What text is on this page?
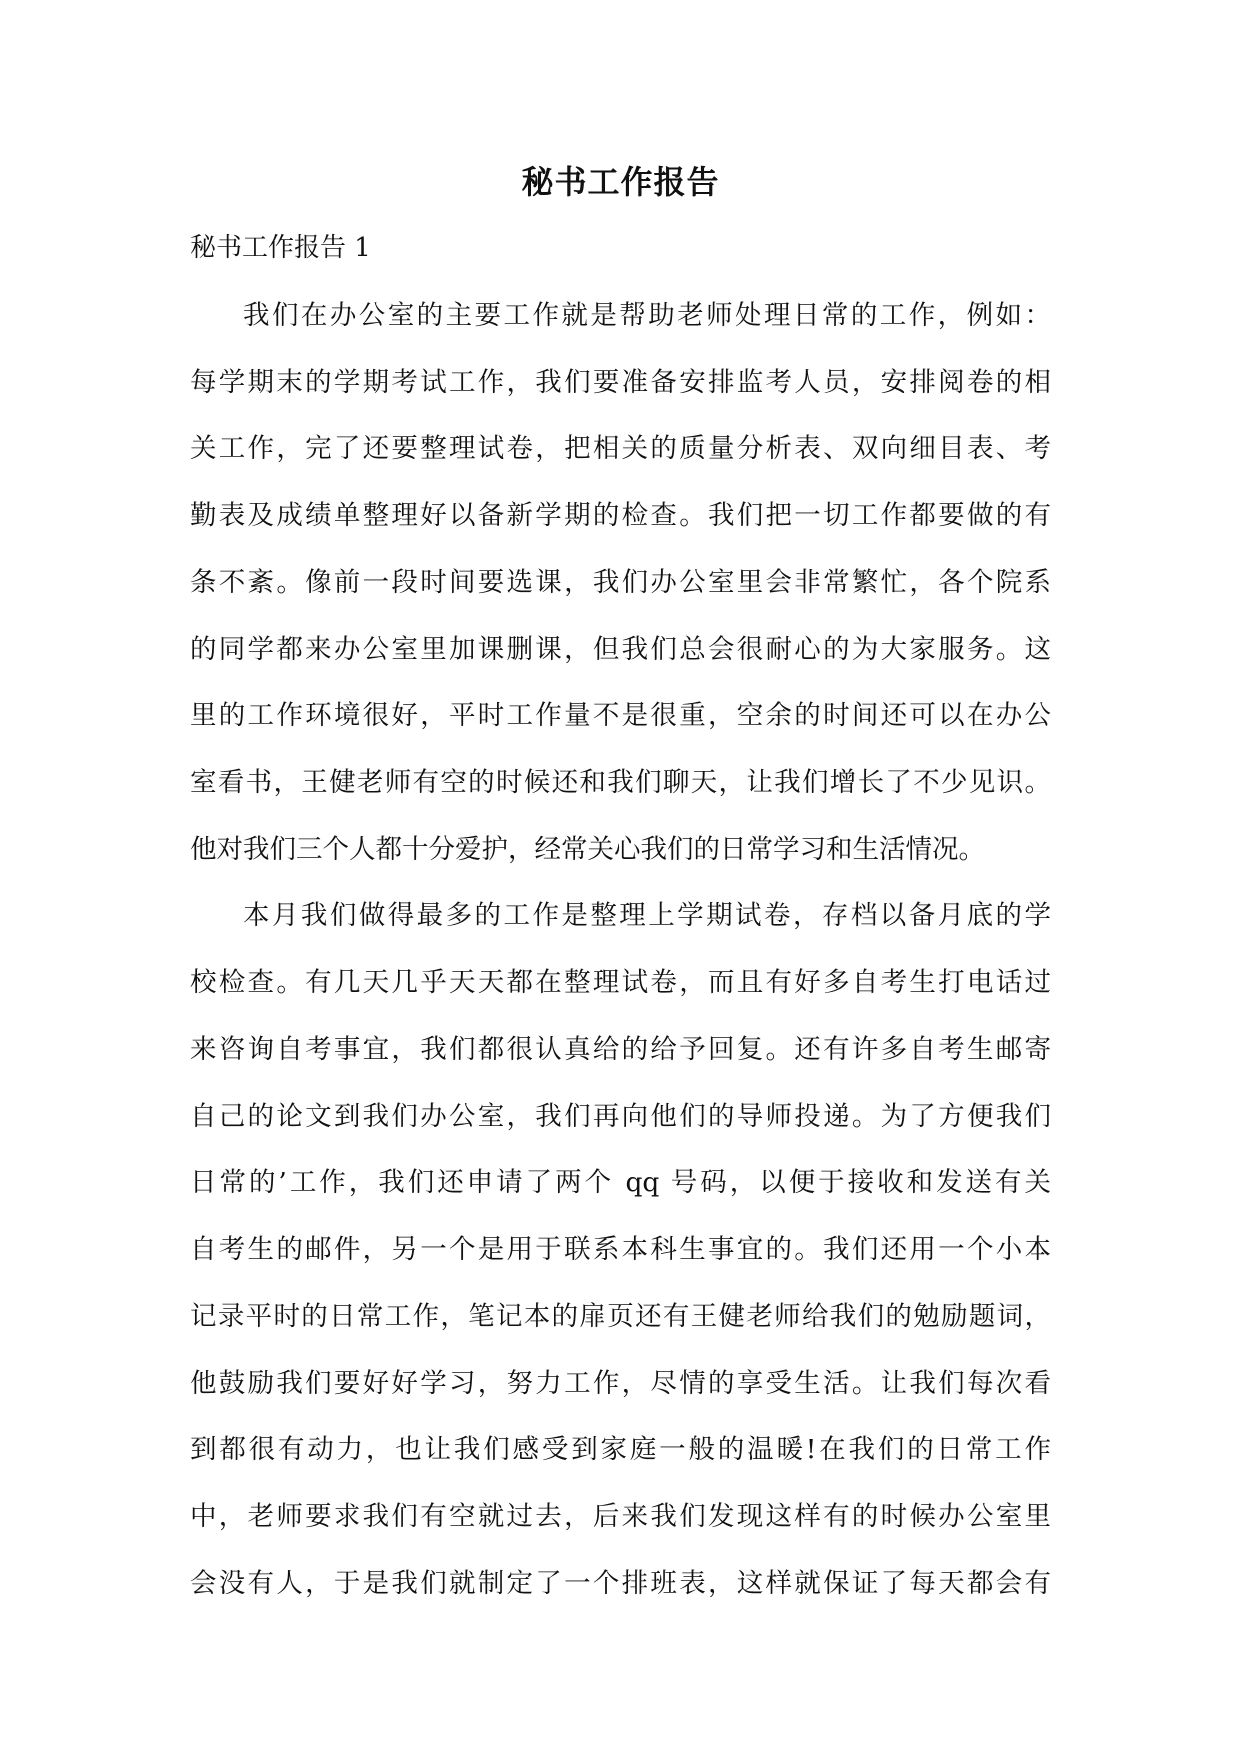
秘书工作报告
秘书工作报告 1
我们在办公室的主要工作就是帮助老师处理日常的工作，例如：
每学期末的学期考试工作，我们要准备安排监考人员，安排阅卷的相
关工作，完了还要整理试卷，把相关的质量分析表、双向细目表、考
勤表及成绩单整理好以备新学期的检查。我们把一切工作都要做的有
条不紊。像前一段时间要选课，我们办公室里会非常繁忙，各个院系
的同学都来办公室里加课删课，但我们总会很耐心的为大家服务。这
里的工作环境很好，平时工作量不是很重，空余的时间还可以在办公
室看书，王健老师有空的时候还和我们聊天，让我们增长了不少见识。
他对我们三个人都十分爱护，经常关心我们的日常学习和生活情况。
本月我们做得最多的工作是整理上学期试卷，存档以备月底的学
校检查。有几天几乎天天都在整理试卷，而且有好多自考生打电话过
来咨询自考事宜，我们都很认真给的给予回复。还有许多自考生邮寄
自己的论文到我们办公室，我们再向他们的导师投递。为了方便我们
日常的’工作，我们还申请了两个 qq 号码，以便于接收和发送有关
自考生的邮件，另一个是用于联系本科生事宜的。我们还用一个小本
记录平时的日常工作，笔记本的扉页还有王健老师给我们的勉励题词，
他鼓励我们要好好学习，努力工作，尽情的享受生活。让我们每次看
到都很有动力，也让我们感受到家庭一般的温暖!在我们的日常工作
中，老师要求我们有空就过去，后来我们发现这样有的时候办公室里
会没有人，于是我们就制定了一个排班表，这样就保证了每天都会有
